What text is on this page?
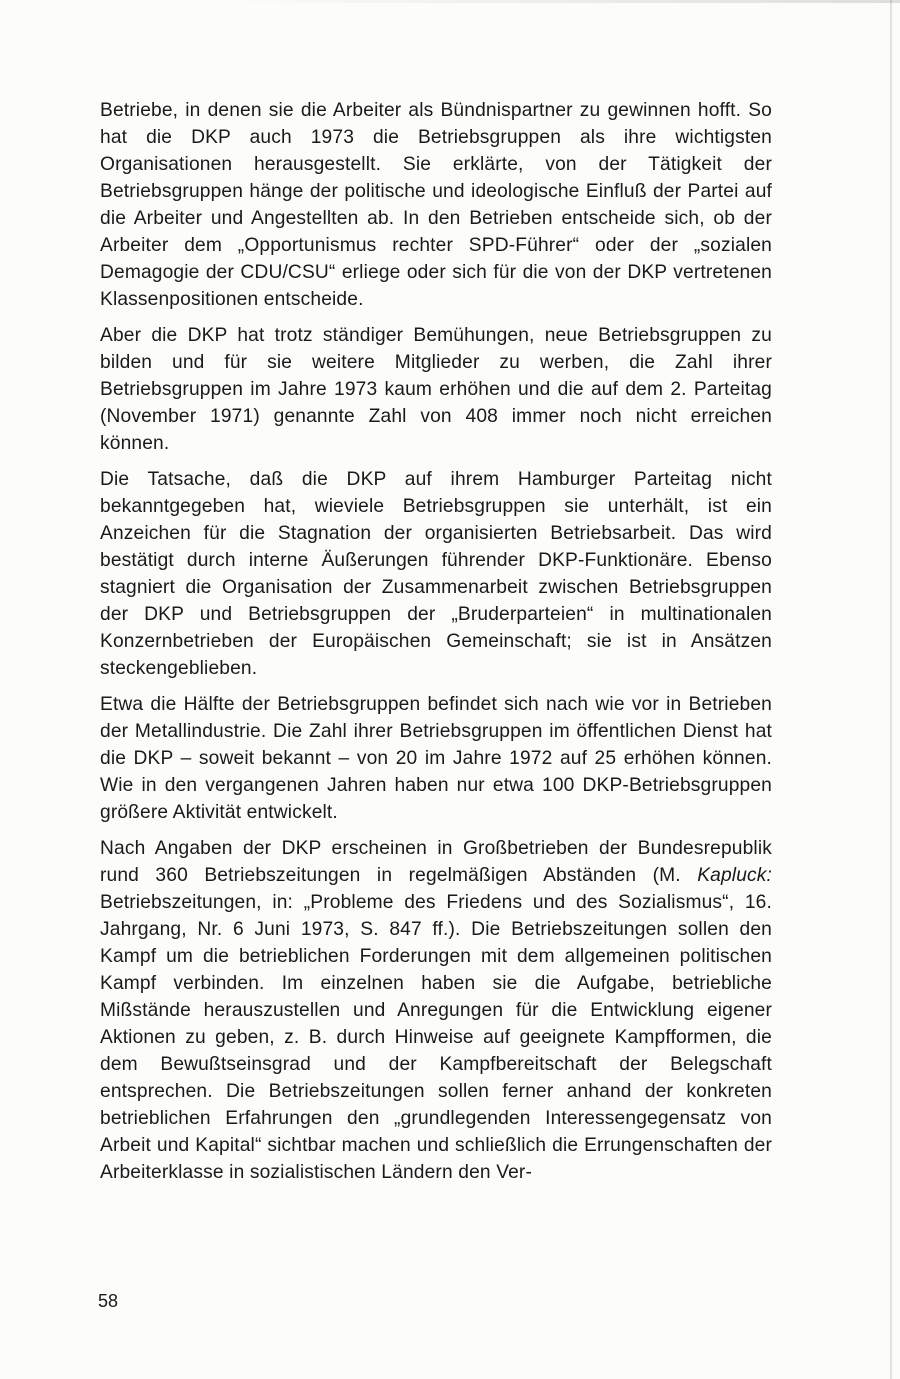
Betriebe, in denen sie die Arbeiter als Bündnispartner zu gewinnen hofft. So hat die DKP auch 1973 die Betriebsgruppen als ihre wichtigsten Organisationen herausgestellt. Sie erklärte, von der Tätigkeit der Betriebsgruppen hänge der politische und ideologische Einfluß der Partei auf die Arbeiter und Angestellten ab. In den Betrieben entscheide sich, ob der Arbeiter dem „Opportunismus rechter SPD-Führer“ oder der „sozialen Demagogie der CDU/CSU“ erliege oder sich für die von der DKP vertretenen Klassenpositionen entscheide.

Aber die DKP hat trotz ständiger Bemühungen, neue Betriebsgruppen zu bilden und für sie weitere Mitglieder zu werben, die Zahl ihrer Betriebsgruppen im Jahre 1973 kaum erhöhen und die auf dem 2. Parteitag (November 1971) genannte Zahl von 408 immer noch nicht erreichen können.

Die Tatsache, daß die DKP auf ihrem Hamburger Parteitag nicht bekanntgegeben hat, wieviele Betriebsgruppen sie unterhält, ist ein Anzeichen für die Stagnation der organisierten Betriebsarbeit. Das wird bestätigt durch interne Äußerungen führender DKP-Funktionäre. Ebenso stagniert die Organisation der Zusammenarbeit zwischen Betriebsgruppen der DKP und Betriebsgruppen der „Bruderparteien“ in multinationalen Konzernbetrieben der Europäischen Gemeinschaft; sie ist in Ansätzen steckengeblieben.

Etwa die Hälfte der Betriebsgruppen befindet sich nach wie vor in Betrieben der Metallindustrie. Die Zahl ihrer Betriebsgruppen im öffentlichen Dienst hat die DKP – soweit bekannt – von 20 im Jahre 1972 auf 25 erhöhen können. Wie in den vergangenen Jahren haben nur etwa 100 DKP-Betriebsgruppen größere Aktivität entwickelt.

Nach Angaben der DKP erscheinen in Großbetrieben der Bundesrepublik rund 360 Betriebszeitungen in regelmäßigen Abständen (M. Kapluck: Betriebszeitungen, in: „Probleme des Friedens und des Sozialismus“, 16. Jahrgang, Nr. 6 Juni 1973, S. 847 ff.). Die Betriebszeitungen sollen den Kampf um die betrieblichen Forderungen mit dem allgemeinen politischen Kampf verbinden. Im einzelnen haben sie die Aufgabe, betriebliche Mißstände herauszustellen und Anregungen für die Entwicklung eigener Aktionen zu geben, z. B. durch Hinweise auf geeignete Kampfformen, die dem Bewußtseinsgrad und der Kampfbereitschaft der Belegschaft entsprechen. Die Betriebszeitungen sollen ferner anhand der konkreten betrieblichen Erfahrungen den „grundlegenden Interessengegensatz von Arbeit und Kapital“ sichtbar machen und schließlich die Errungenschaften der Arbeiterklasse in sozialistischen Ländern den Ver-

58
